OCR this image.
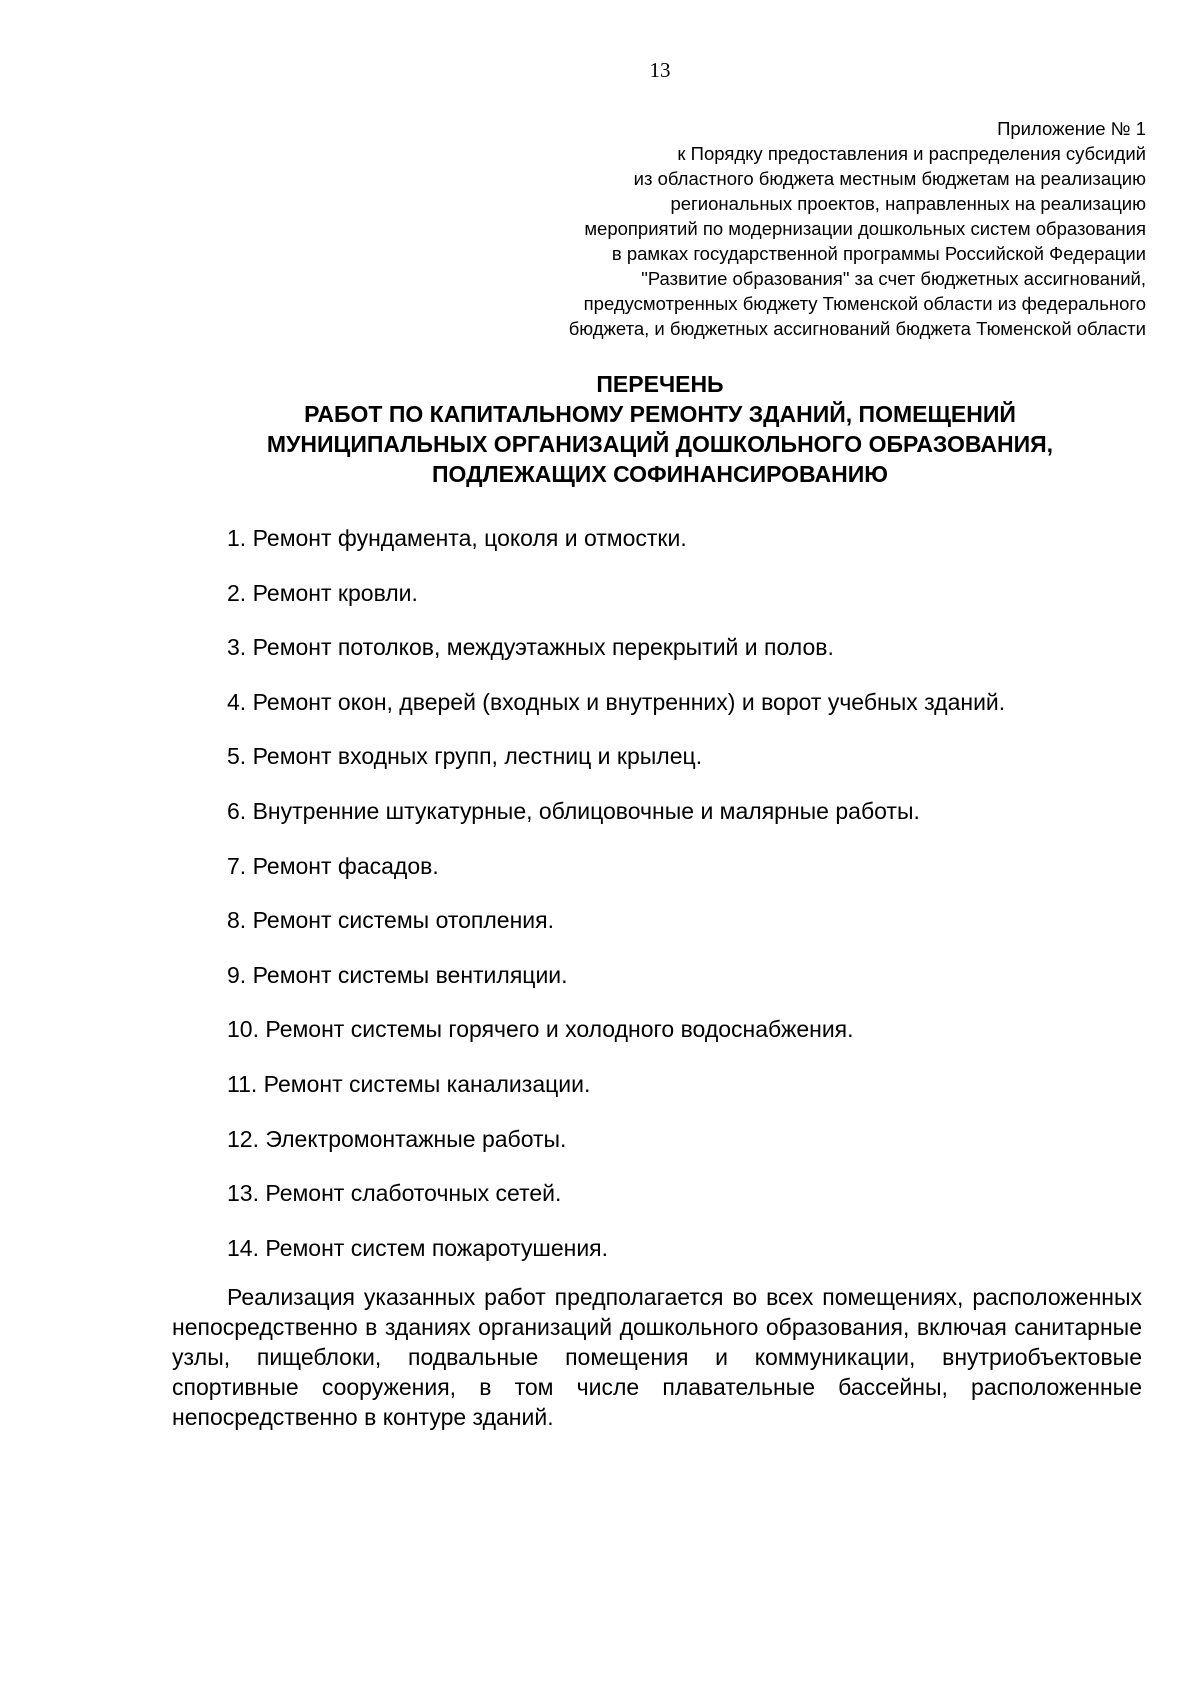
13
Приложение № 1
к Порядку предоставления и распределения субсидий
из областного бюджета местным бюджетам на реализацию
региональных проектов, направленных на реализацию
мероприятий по модернизации дошкольных систем образования
в рамках государственной программы Российской Федерации
"Развитие образования" за счет бюджетных ассигнований,
предусмотренных бюджету Тюменской области из федерального
бюджета, и бюджетных ассигнований бюджета Тюменской области
ПЕРЕЧЕНЬ
РАБОТ ПО КАПИТАЛЬНОМУ РЕМОНТУ ЗДАНИЙ, ПОМЕЩЕНИЙ
МУНИЦИПАЛЬНЫХ ОРГАНИЗАЦИЙ ДОШКОЛЬНОГО ОБРАЗОВАНИЯ,
ПОДЛЕЖАЩИХ СОФИНАНСИРОВАНИЮ
1. Ремонт фундамента, цоколя и отмостки.
2. Ремонт кровли.
3. Ремонт потолков, междуэтажных перекрытий и полов.
4. Ремонт окон, дверей (входных и внутренних) и ворот учебных зданий.
5. Ремонт входных групп, лестниц и крылец.
6. Внутренние штукатурные, облицовочные и малярные работы.
7. Ремонт фасадов.
8. Ремонт системы отопления.
9. Ремонт системы вентиляции.
10. Ремонт системы горячего и холодного водоснабжения.
11. Ремонт системы канализации.
12. Электромонтажные работы.
13. Ремонт слаботочных сетей.
14. Ремонт систем пожаротушения.

Реализация указанных работ предполагается во всех помещениях, расположенных непосредственно в зданиях организаций дошкольного образования, включая санитарные узлы, пищеблоки, подвальные помещения и коммуникации, внутриобъектовые спортивные сооружения, в том числе плавательные бассейны, расположенные непосредственно в контуре зданий.
